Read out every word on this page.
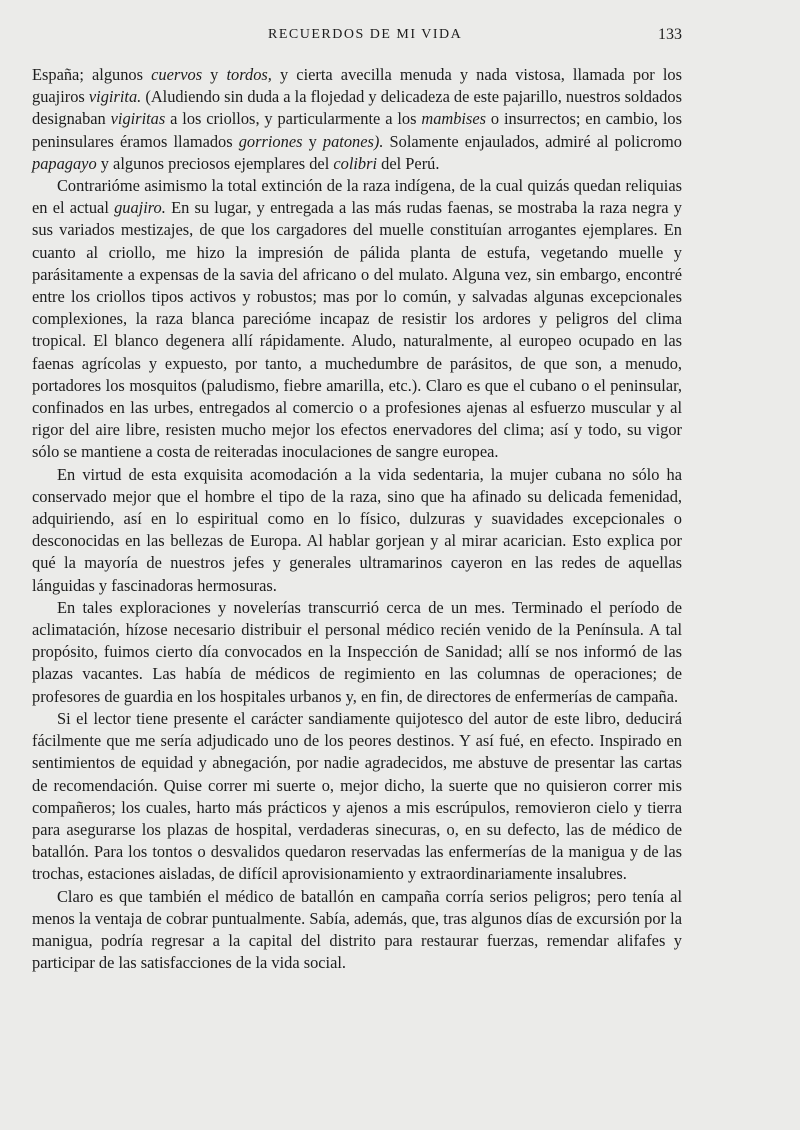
RECUERDOS DE MI VIDA	133

España; algunos cuervos y tordos, y cierta avecilla menuda y nada vistosa, llamada por los guajiros vigirita. (Aludiendo sin duda a la flojedad y delicadeza de este pajarillo, nuestros soldados designaban vigiritas a los criollos, y particularmente a los mambises o insurrectos; en cambio, los peninsulares éramos llamados gorriones y patones). Solamente enjaulados, admiré al policromo papagayo y algunos preciosos ejemplares del colibri del Perú.

Contrarióme asimismo la total extinción de la raza indígena, de la cual quizás quedan reliquias en el actual guajiro. En su lugar, y entregada a las más rudas faenas, se mostraba la raza negra y sus variados mestizajes, de que los cargadores del muelle constituían arrogantes ejemplares. En cuanto al criollo, me hizo la impresión de pálida planta de estufa, vegetando muelle y parásitamente a expensas de la savia del africano o del mulato. Alguna vez, sin embargo, encontré entre los criollos tipos activos y robustos; mas por lo común, y salvadas algunas excepcionales complexiones, la raza blanca parecióme incapaz de resistir los ardores y peligros del clima tropical. El blanco degenera allí rápidamente. Aludo, naturalmente, al europeo ocupado en las faenas agrícolas y expuesto, por tanto, a muchedumbre de parásitos, de que son, a menudo, portadores los mosquitos (paludismo, fiebre amarilla, etc.). Claro es que el cubano o el peninsular, confinados en las urbes, entregados al comercio o a profesiones ajenas al esfuerzo muscular y al rigor del aire libre, resisten mucho mejor los efectos enervadores del clima; así y todo, su vigor sólo se mantiene a costa de reiteradas inoculaciones de sangre europea.

En virtud de esta exquisita acomodación a la vida sedentaria, la mujer cubana no sólo ha conservado mejor que el hombre el tipo de la raza, sino que ha afinado su delicada femenidad, adquiriendo, así en lo espiritual como en lo físico, dulzuras y suavidades excepcionales o desconocidas en las bellezas de Europa. Al hablar gorjean y al mirar acarician. Esto explica por qué la mayoría de nuestros jefes y generales ultramarinos cayeron en las redes de aquellas lánguidas y fascinadoras hermosuras.

En tales exploraciones y novelerías transcurrió cerca de un mes. Terminado el período de aclimatación, hízose necesario distribuir el personal médico recién venido de la Península. A tal propósito, fuimos cierto día convocados en la Inspección de Sanidad; allí se nos informó de las plazas vacantes. Las había de médicos de regimiento en las columnas de operaciones; de profesores de guardia en los hospitales urbanos y, en fin, de directores de enfermerías de campaña.

Si el lector tiene presente el carácter sandiamente quijotesco del autor de este libro, deducirá fácilmente que me sería adjudicado uno de los peores destinos. Y así fué, en efecto. Inspirado en sentimientos de equidad y abnegación, por nadie agradecidos, me abstuve de presentar las cartas de recomendación. Quise correr mi suerte o, mejor dicho, la suerte que no quisieron correr mis compañeros; los cuales, harto más prácticos y ajenos a mis escrúpulos, removieron cielo y tierra para asegurarse los plazas de hospital, verdaderas sinecuras, o, en su defecto, las de médico de batallón. Para los tontos o desvalidos quedaron reservadas las enfermerías de la manigua y de las trochas, estaciones aisladas, de difícil aprovisionamiento y extraordinariamente insalubres.

Claro es que también el médico de batallón en campaña corría serios peligros; pero tenía al menos la ventaja de cobrar puntualmente. Sabía, además, que, tras algunos días de excursión por la manigua, podría regresar a la capital del distrito para restaurar fuerzas, remendar alifafes y participar de las satisfacciones de la vida social.
